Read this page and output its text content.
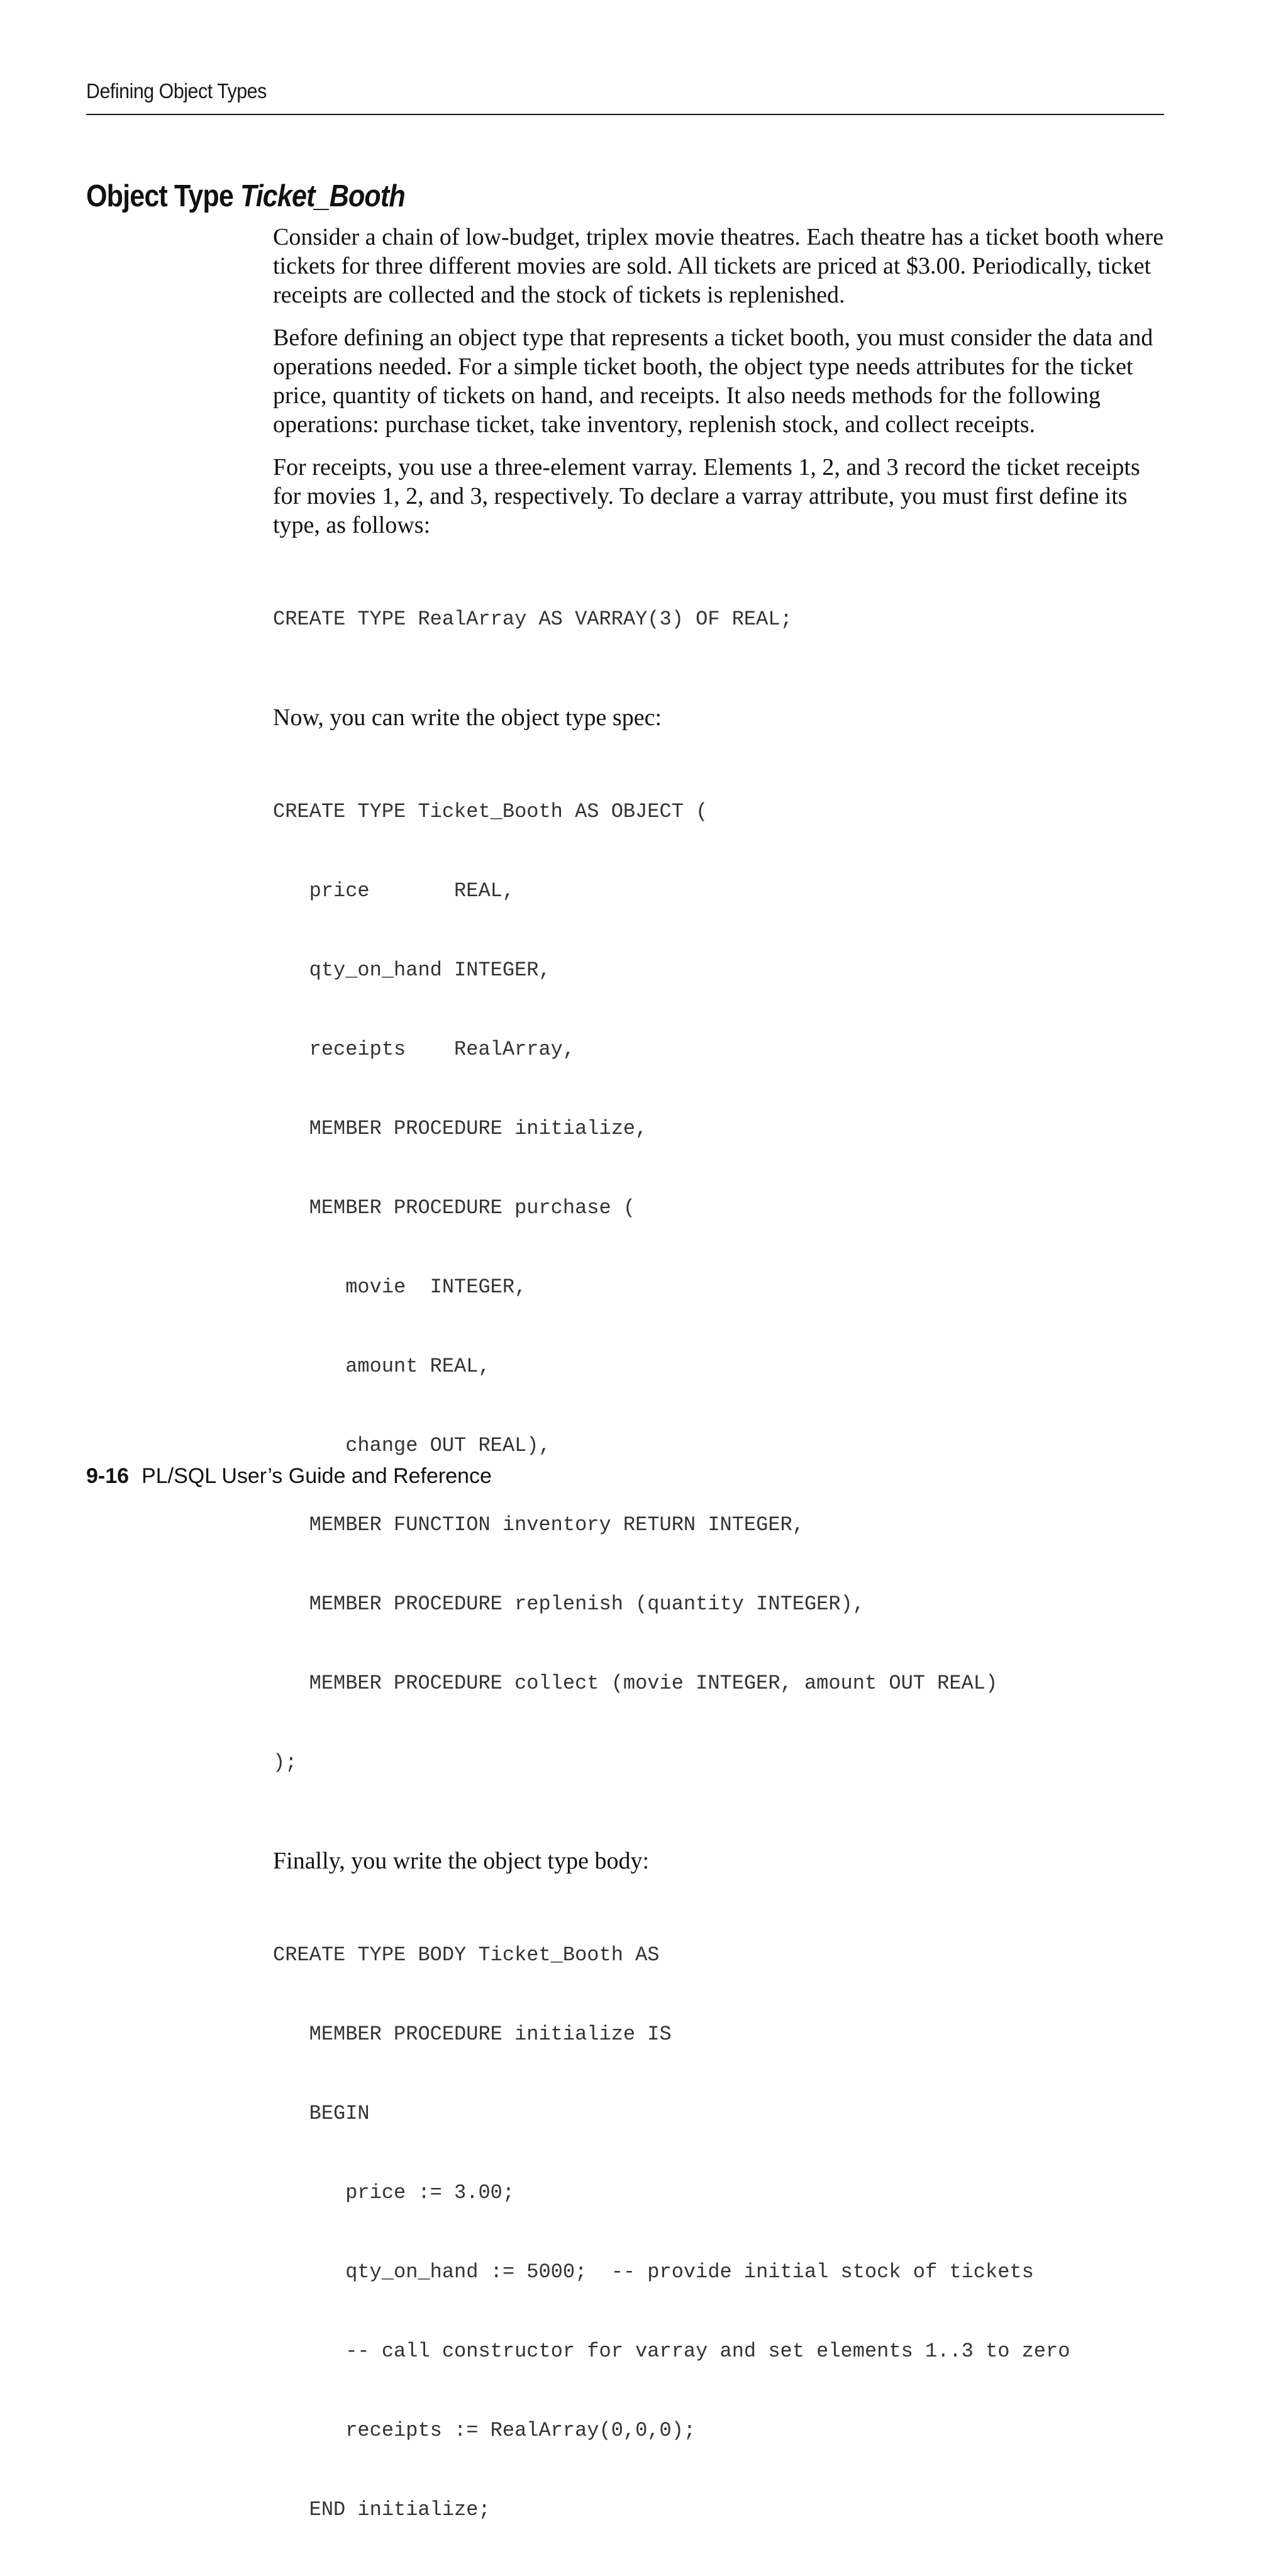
Defining Object Types
Object Type Ticket_Booth

Consider a chain of low-budget, triplex movie theatres. Each theatre has a ticket booth where tickets for three different movies are sold. All tickets are priced at $3.00. Periodically, ticket receipts are collected and the stock of tickets is replenished.

Before defining an object type that represents a ticket booth, you must consider the data and operations needed. For a simple ticket booth, the object type needs attributes for the ticket price, quantity of tickets on hand, and receipts. It also needs methods for the following operations: purchase ticket, take inventory, replenish stock, and collect receipts.

For receipts, you use a three-element varray. Elements 1, 2, and 3 record the ticket receipts for movies 1, 2, and 3, respectively. To declare a varray attribute, you must first define its type, as follows:

CREATE TYPE RealArray AS VARRAY(3) OF REAL;

Now, you can write the object type spec:

CREATE TYPE Ticket_Booth AS OBJECT (

price       REAL,

qty_on_hand INTEGER,

receipts    RealArray,

MEMBER PROCEDURE initialize,

MEMBER PROCEDURE purchase (

movie  INTEGER,

amount REAL,

change OUT REAL),

MEMBER FUNCTION inventory RETURN INTEGER,

MEMBER PROCEDURE replenish (quantity INTEGER),

MEMBER PROCEDURE collect (movie INTEGER, amount OUT REAL)

);

Finally, you write the object type body:

CREATE TYPE BODY Ticket_Booth AS

MEMBER PROCEDURE initialize IS

BEGIN

price := 3.00;

qty_on_hand := 5000;  -- provide initial stock of tickets

-- call constructor for varray and set elements 1..3 to zero

receipts := RealArray(0,0,0);

END initialize;

9-16 PL/SQL User’s Guide and Reference
